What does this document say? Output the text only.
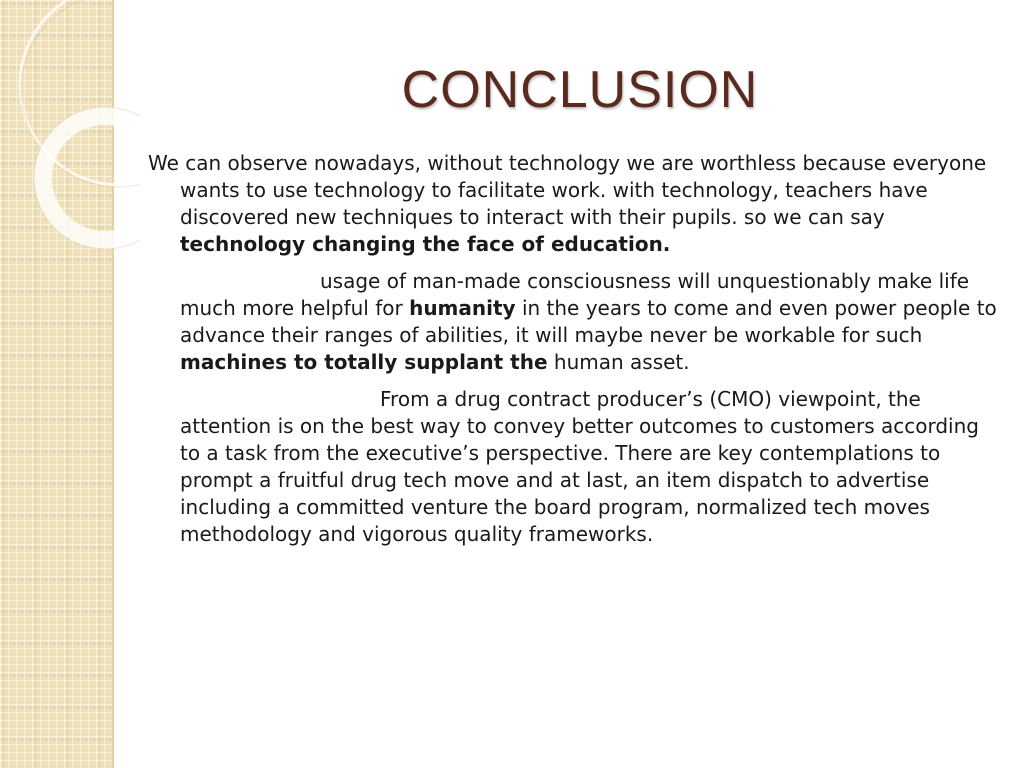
CONCLUSION

We can observe nowadays, without technology we are worthless because everyone wants to use technology to facilitate work. with technology, teachers have discovered new techniques to interact with their pupils. so we can say technology changing the face of education.

usage of man-made consciousness will unquestionably make life much more helpful for humanity in the years to come and even power people to advance their ranges of abilities, it will maybe never be workable for such machines to totally supplant the human asset.

From a drug contract producer’s (CMO) viewpoint, the attention is on the best way to convey better outcomes to customers according to a task from the executive’s perspective. There are key contemplations to prompt a fruitful drug tech move and at last, an item dispatch to advertise including a committed venture the board program, normalized tech moves methodology and vigorous quality frameworks.
